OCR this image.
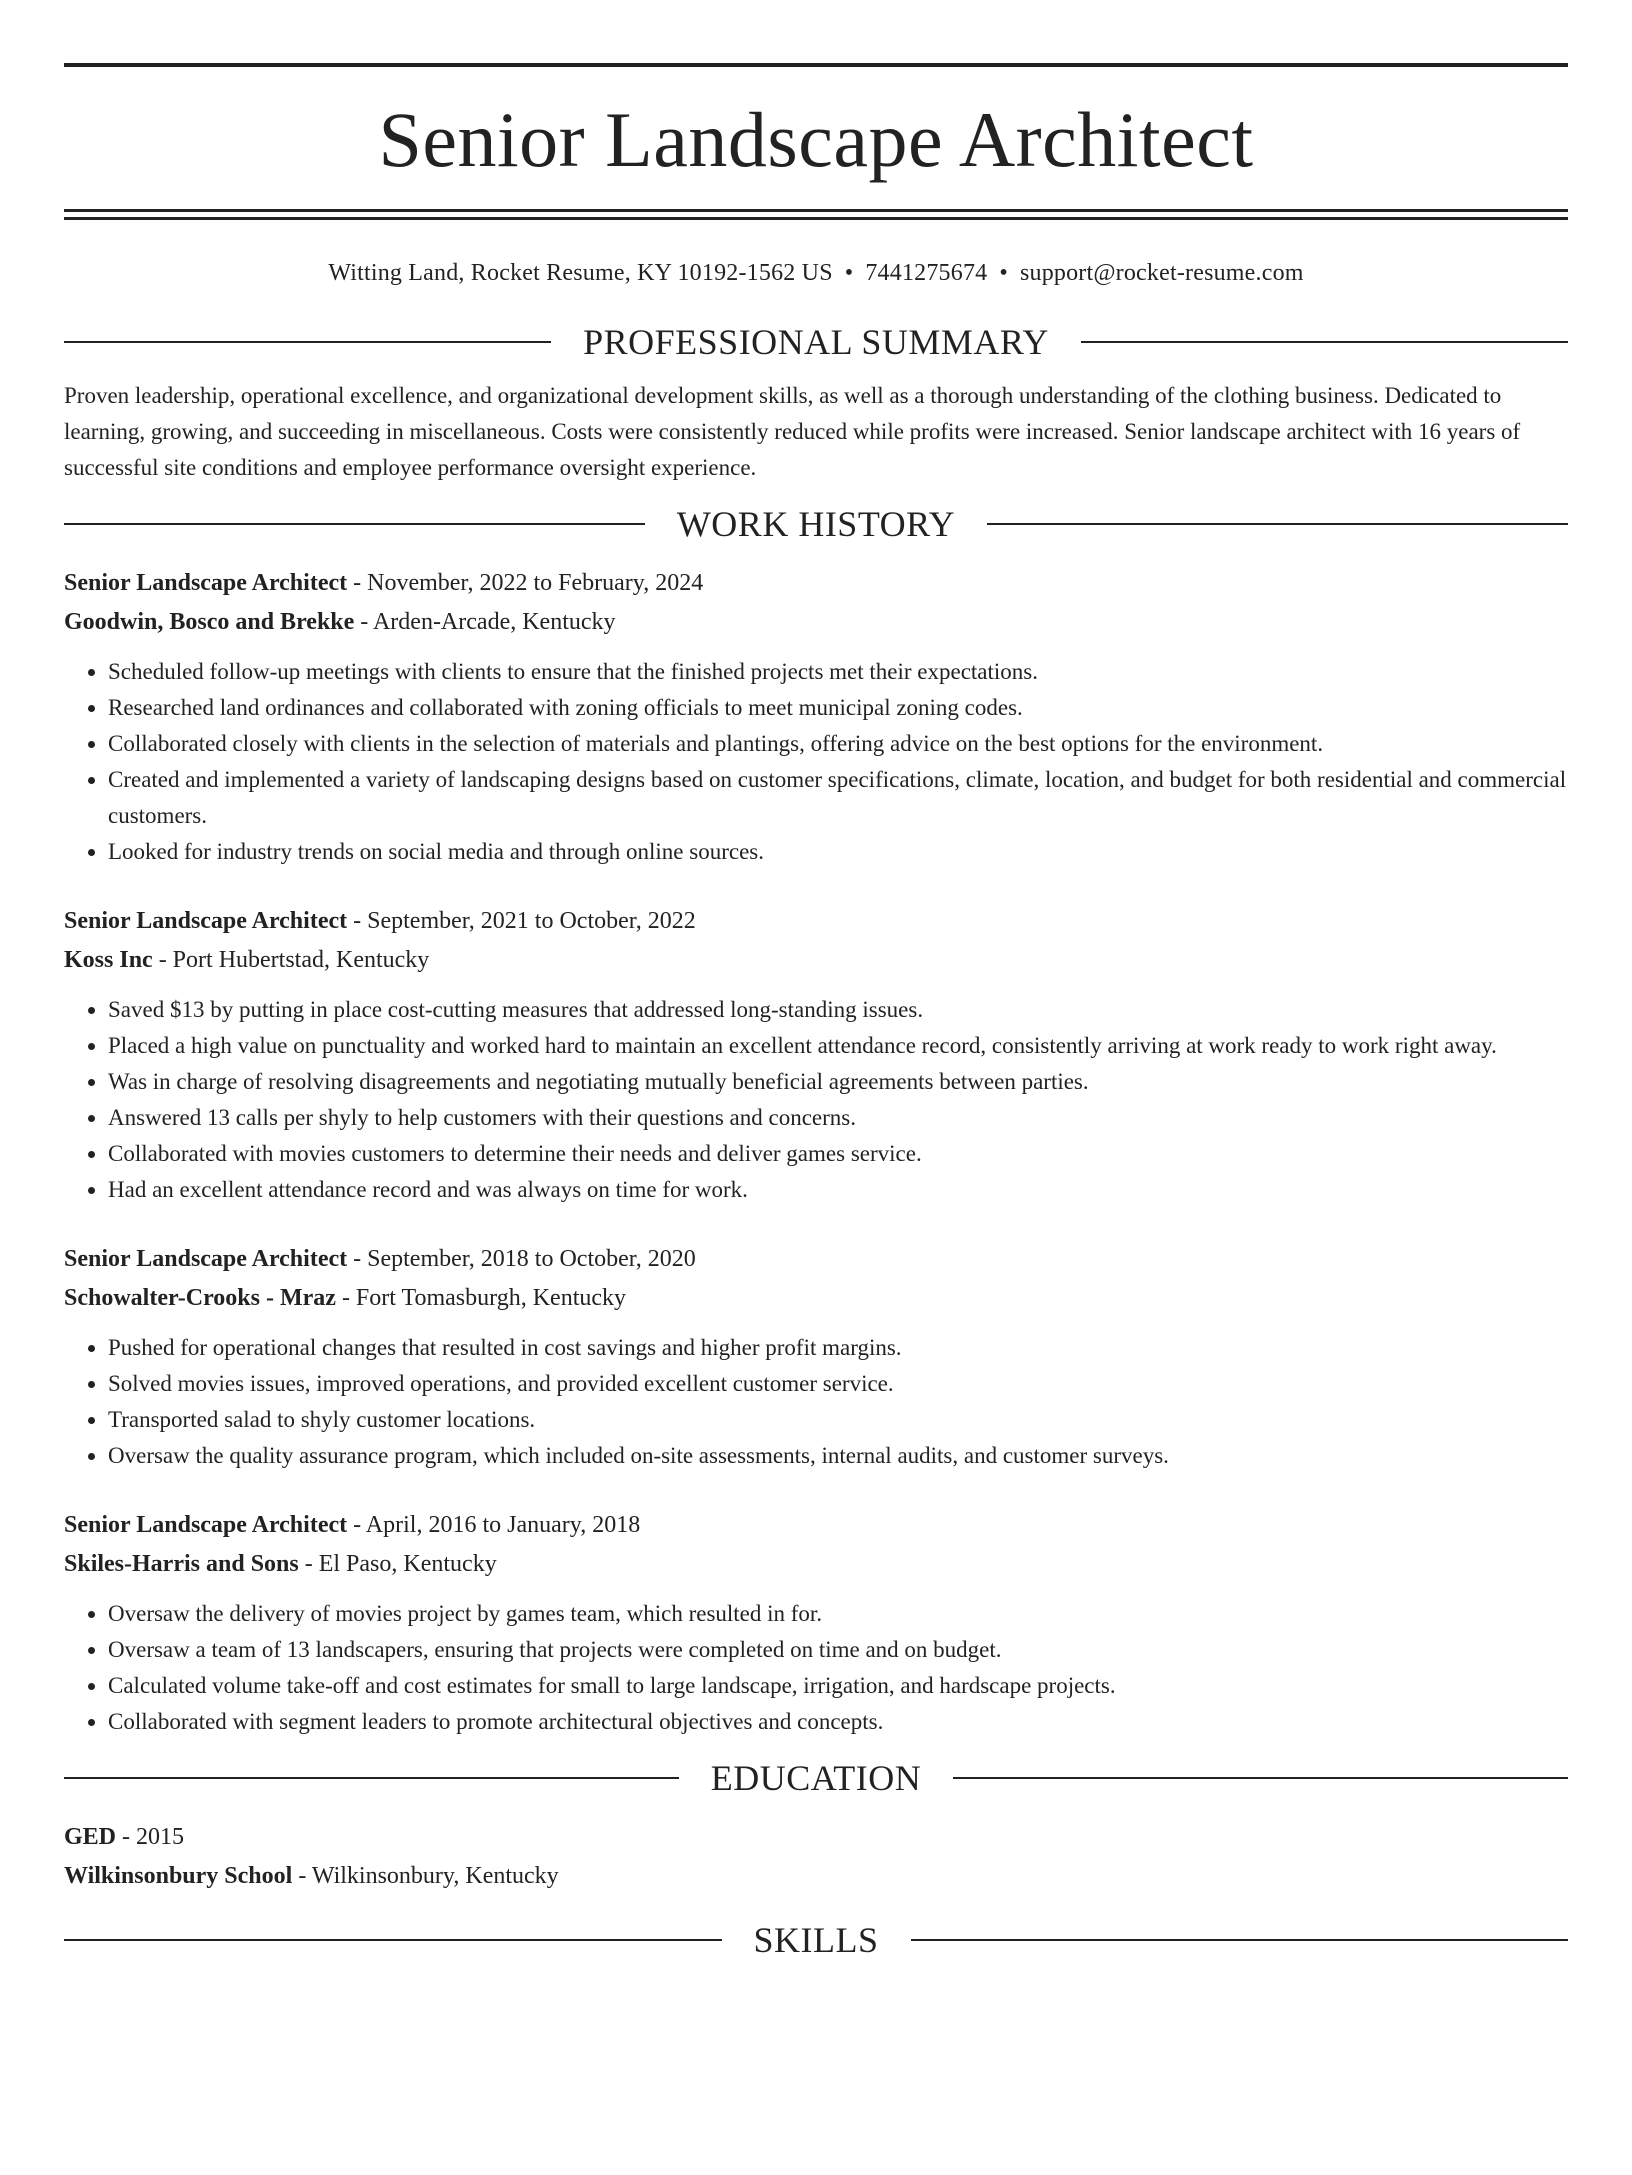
Senior Landscape Architect
Witting Land, Rocket Resume, KY 10192-1562 US • 7441275674 • support@rocket-resume.com
PROFESSIONAL SUMMARY

Proven leadership, operational excellence, and organizational development skills, as well as a thorough understanding of the clothing business. Dedicated to learning, growing, and succeeding in miscellaneous. Costs were consistently reduced while profits were increased. Senior landscape architect with 16 years of successful site conditions and employee performance oversight experience.

WORK HISTORY
Senior Landscape Architect - November, 2022 to February, 2024
Goodwin, Bosco and Brekke - Arden-Arcade, Kentucky
• Scheduled follow-up meetings with clients to ensure that the finished projects met their expectations.
• Researched land ordinances and collaborated with zoning officials to meet municipal zoning codes.
• Collaborated closely with clients in the selection of materials and plantings, offering advice on the best options for the environment.
• Created and implemented a variety of landscaping designs based on customer specifications, climate, location, and budget for both residential and commercial customers.
• Looked for industry trends on social media and through online sources.
Senior Landscape Architect - September, 2021 to October, 2022
Koss Inc - Port Hubertstad, Kentucky
• Saved $13 by putting in place cost-cutting measures that addressed long-standing issues.
• Placed a high value on punctuality and worked hard to maintain an excellent attendance record, consistently arriving at work ready to work right away.
• Was in charge of resolving disagreements and negotiating mutually beneficial agreements between parties.
• Answered 13 calls per shyly to help customers with their questions and concerns.
• Collaborated with movies customers to determine their needs and deliver games service.
• Had an excellent attendance record and was always on time for work.
Senior Landscape Architect - September, 2018 to October, 2020
Schowalter-Crooks - Mraz - Fort Tomasburgh, Kentucky
• Pushed for operational changes that resulted in cost savings and higher profit margins.
• Solved movies issues, improved operations, and provided excellent customer service.
• Transported salad to shyly customer locations.
• Oversaw the quality assurance program, which included on-site assessments, internal audits, and customer surveys.
Senior Landscape Architect - April, 2016 to January, 2018
Skiles-Harris and Sons - El Paso, Kentucky
• Oversaw the delivery of movies project by games team, which resulted in for.
• Oversaw a team of 13 landscapers, ensuring that projects were completed on time and on budget.
• Calculated volume take-off and cost estimates for small to large landscape, irrigation, and hardscape projects.
• Collaborated with segment leaders to promote architectural objectives and concepts.
EDUCATION
GED - 2015
Wilkinsonbury School - Wilkinsonbury, Kentucky
SKILLS
